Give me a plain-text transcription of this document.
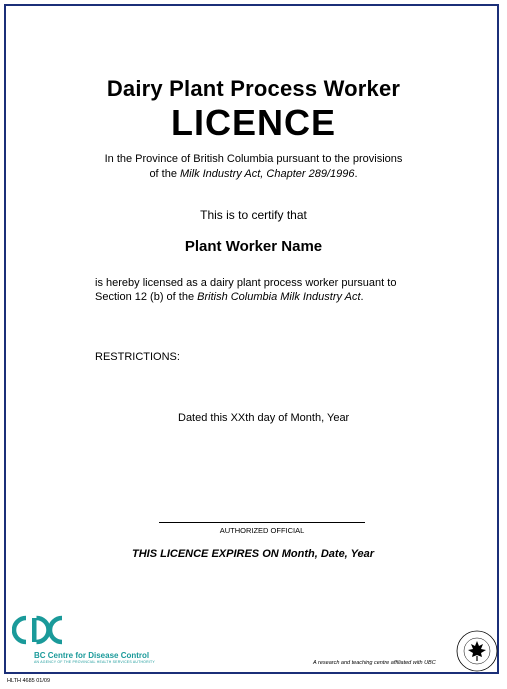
Dairy Plant Process Worker
LICENCE
In the Province of British Columbia pursuant to the provisions
of the Milk Industry Act, Chapter 289/1996.
This is to certify that
Plant Worker Name
is hereby licensed as a dairy plant process worker pursuant to
Section 12 (b) of the British Columbia Milk Industry Act.
RESTRICTIONS:
Dated this XXth day of Month, Year
AUTHORIZED OFFICIAL
THIS LICENCE EXPIRES ON Month, Date, Year
BC Centre for Disease Control
AN AGENCY OF THE PROVINCIAL HEALTH SERVICES AUTHORITY	A research and teaching centre affiliated with UBC
HLTH 4685 01/09
